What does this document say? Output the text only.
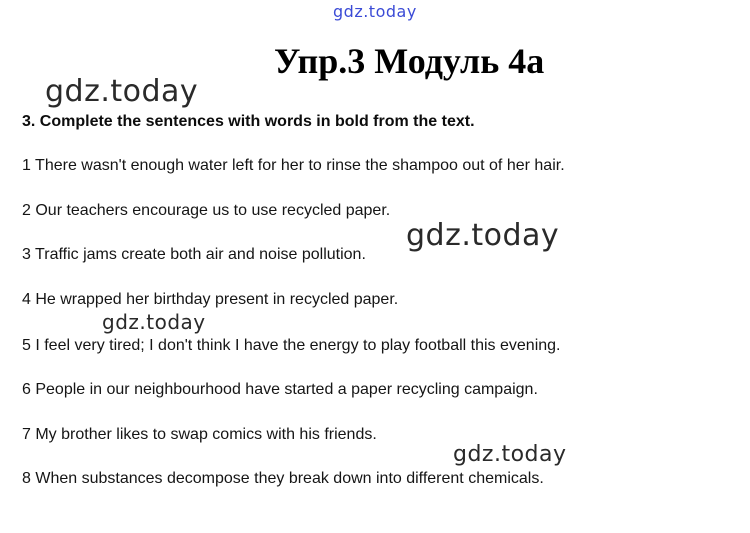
gdz.today
Упр.3 Модуль 4а
gdz.today
3. Complete the sentences with words in bold from the text.
1 There wasn't enough water left for her to rinse the shampoo out of her hair.
2 Our teachers encourage us to use recycled paper.
3 Traffic jams create both air and noise pollution.
4 He wrapped her birthday present in recycled paper.
5 I feel very tired; I don't think I have the energy to play football this evening.
6 People in our neighbourhood have started a paper recycling campaign.
7 My brother likes to swap comics with his friends.
8 When substances decompose they break down into different chemicals.
gdz.today
gdz.today
gdz.today
